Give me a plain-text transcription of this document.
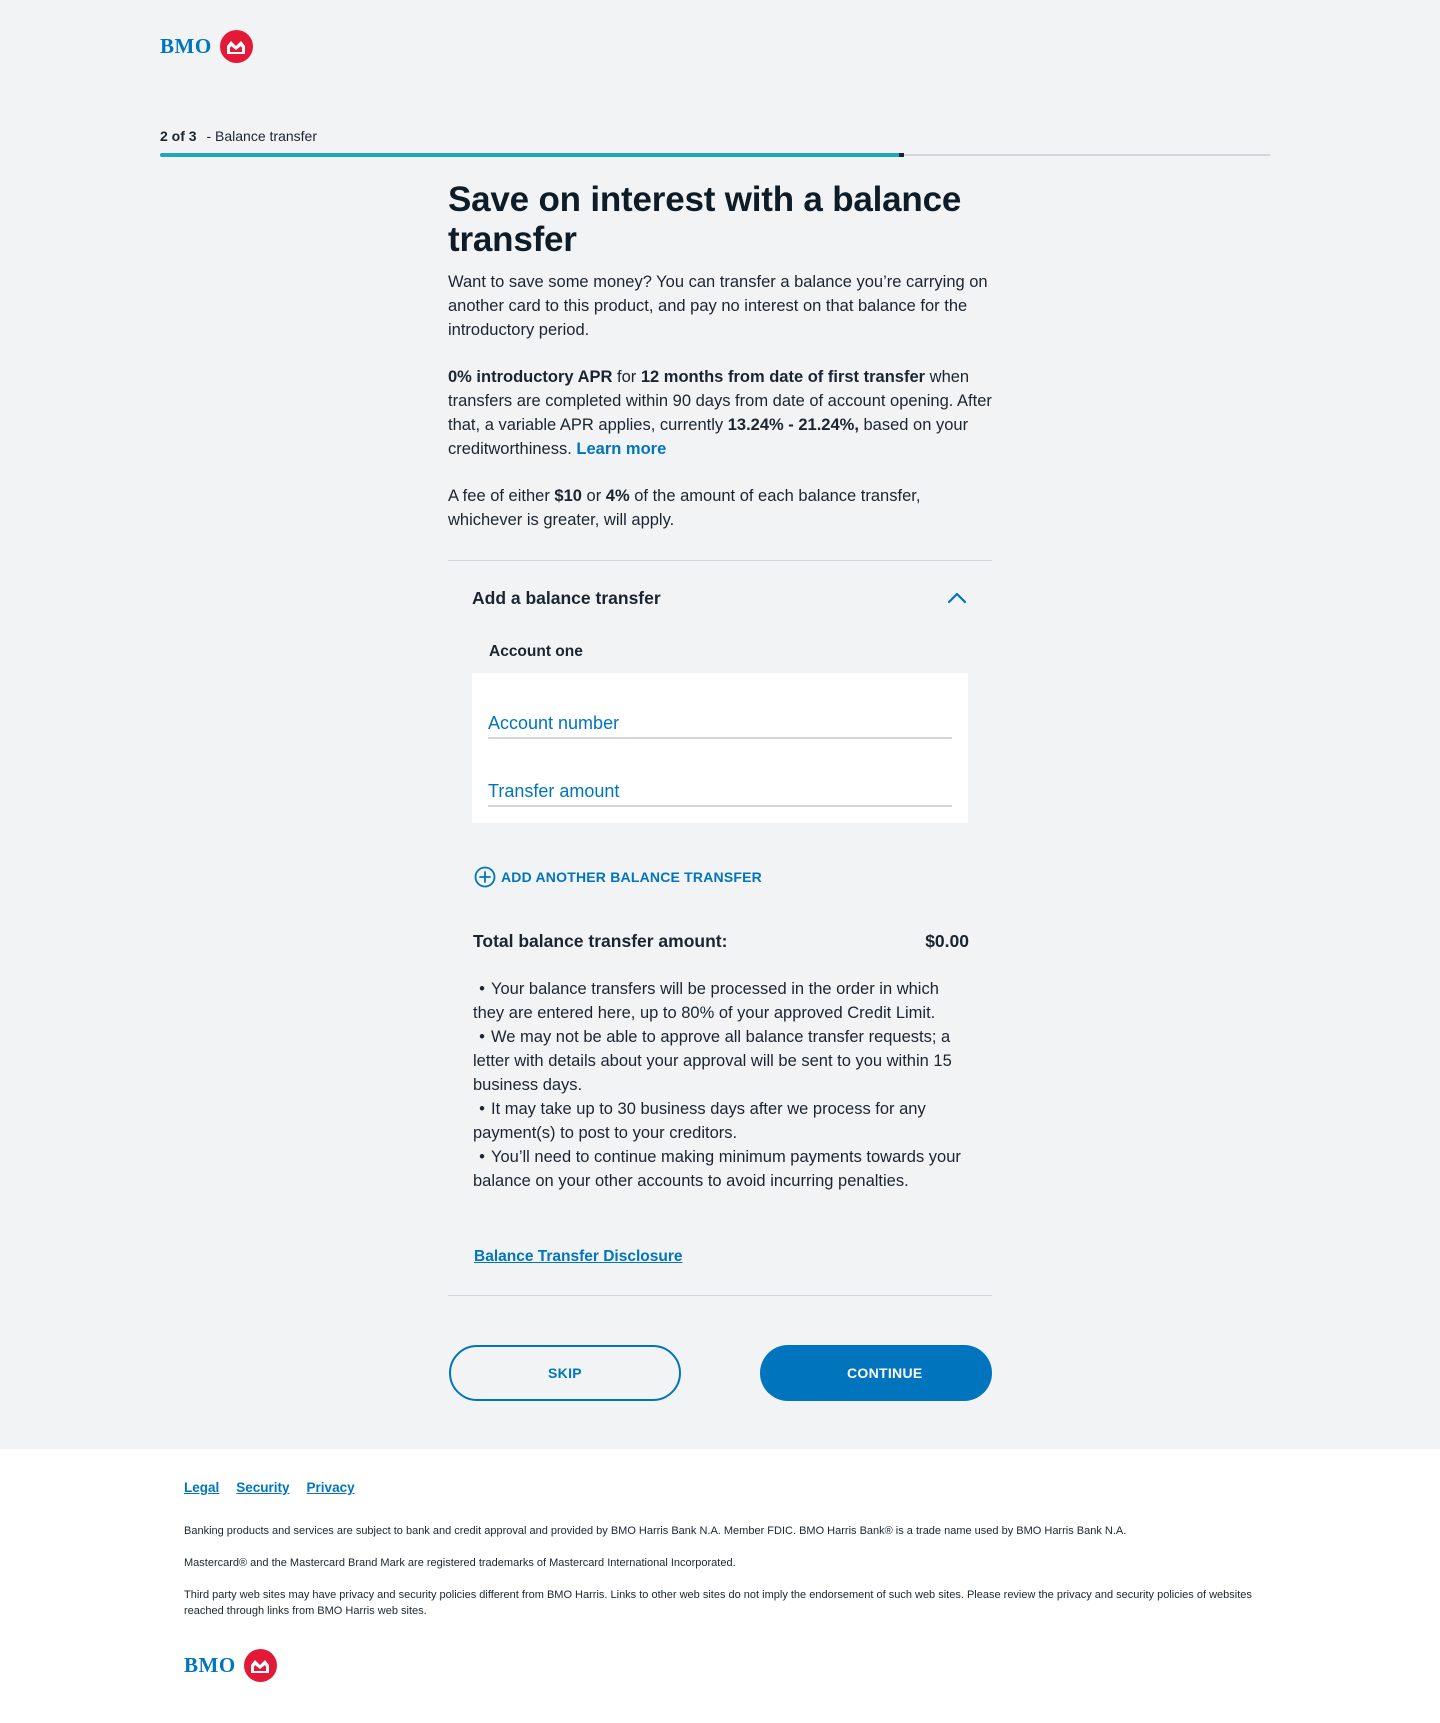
BMO
2 of 3 - Balance transfer
Save on interest with a balance transfer

Want to save some money? You can transfer a balance you’re carrying on another card to this product, and pay no interest on that balance for the introductory period.

0% introductory APR for 12 months from date of first transfer when transfers are completed within 90 days from date of account opening. After that, a variable APR applies, currently 13.24% - 21.24%, based on your creditworthiness. Learn more

A fee of either $10 or 4% of the amount of each balance transfer, whichever is greater, will apply.

Add a balance transfer
Account one
Account number
Transfer amount
ADD ANOTHER BALANCE TRANSFER
Total balance transfer amount:	$0.00
• Your balance transfers will be processed in the order in which they are entered here, up to 80% of your approved Credit Limit.
• We may not be able to approve all balance transfer requests; a letter with details about your approval will be sent to you within 15 business days.
• It may take up to 30 business days after we process for any payment(s) to post to your creditors.
• You’ll need to continue making minimum payments towards your balance on your other accounts to avoid incurring penalties.
Balance Transfer Disclosure
SKIP	CONTINUE
Legal Security Privacy

Banking products and services are subject to bank and credit approval and provided by BMO Harris Bank N.A. Member FDIC. BMO Harris Bank® is a trade name used by BMO Harris Bank N.A.

Mastercard® and the Mastercard Brand Mark are registered trademarks of Mastercard International Incorporated.

Third party web sites may have privacy and security policies different from BMO Harris. Links to other web sites do not imply the endorsement of such web sites. Please review the privacy and security policies of websites reached through links from BMO Harris web sites.

BMO
